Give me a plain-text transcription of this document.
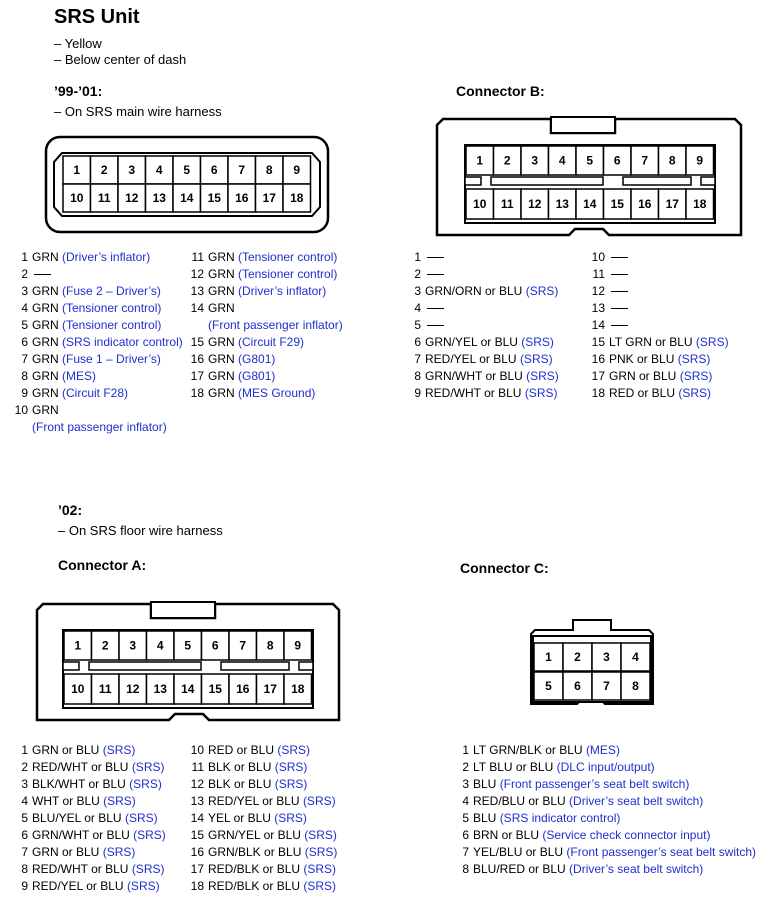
SRS Unit
– Yellow
– Below center of dash
’99-’01:
– On SRS main wire harness
1 2 3 4 5 6 7 8 9
10 11 12 13 14 15 16 17 18
1 GRN (Driver’s inflator)
2
3 GRN (Fuse 2 – Driver’s)
4 GRN (Tensioner control)
5 GRN (Tensioner control)
6 GRN (SRS indicator control)
7 GRN (Fuse 1 – Driver’s)
8 GRN (MES)
9 GRN (Circuit F28)
10 GRN
(Front passenger inflator)
11 GRN (Tensioner control)
12 GRN (Tensioner control)
13 GRN (Driver’s inflator)
14 GRN
(Front passenger inflator)
15 GRN (Circuit F29)
16 GRN (G801)
17 GRN (G801)
18 GRN (MES Ground)
Connector B:
1 2 3 4 5 6 7 8 9
10 11 12 13 14 15 16 17 18
1
2
3 GRN/ORN or BLU (SRS)
4
5
6 GRN/YEL or BLU (SRS)
7 RED/YEL or BLU (SRS)
8 GRN/WHT or BLU (SRS)
9 RED/WHT or BLU (SRS)
10
11
12
13
14
15 LT GRN or BLU (SRS)
16 PNK or BLU (SRS)
17 GRN or BLU (SRS)
18 RED or BLU (SRS)
’02:
– On SRS floor wire harness
Connector A:
1 2 3 4 5 6 7 8 9
10 11 12 13 14 15 16 17 18
1 GRN or BLU (SRS)
2 RED/WHT or BLU (SRS)
3 BLK/WHT or BLU (SRS)
4 WHT or BLU (SRS)
5 BLU/YEL or BLU (SRS)
6 GRN/WHT or BLU (SRS)
7 GRN or BLU (SRS)
8 RED/WHT or BLU (SRS)
9 RED/YEL or BLU (SRS)
10 RED or BLU (SRS)
11 BLK or BLU (SRS)
12 BLK or BLU (SRS)
13 RED/YEL or BLU (SRS)
14 YEL or BLU (SRS)
15 GRN/YEL or BLU (SRS)
16 GRN/BLK or BLU (SRS)
17 RED/BLK or BLU (SRS)
18 RED/BLK or BLU (SRS)
Connector C:
1 2 3 4
5 6 7 8
1 LT GRN/BLK or BLU (MES)
2 LT BLU or BLU (DLC input/output)
3 BLU (Front passenger’s seat belt switch)
4 RED/BLU or BLU (Driver’s seat belt switch)
5 BLU (SRS indicator control)
6 BRN or BLU (Service check connector input)
7 YEL/BLU or BLU (Front passenger’s seat belt switch)
8 BLU/RED or BLU (Driver’s seat belt switch)
